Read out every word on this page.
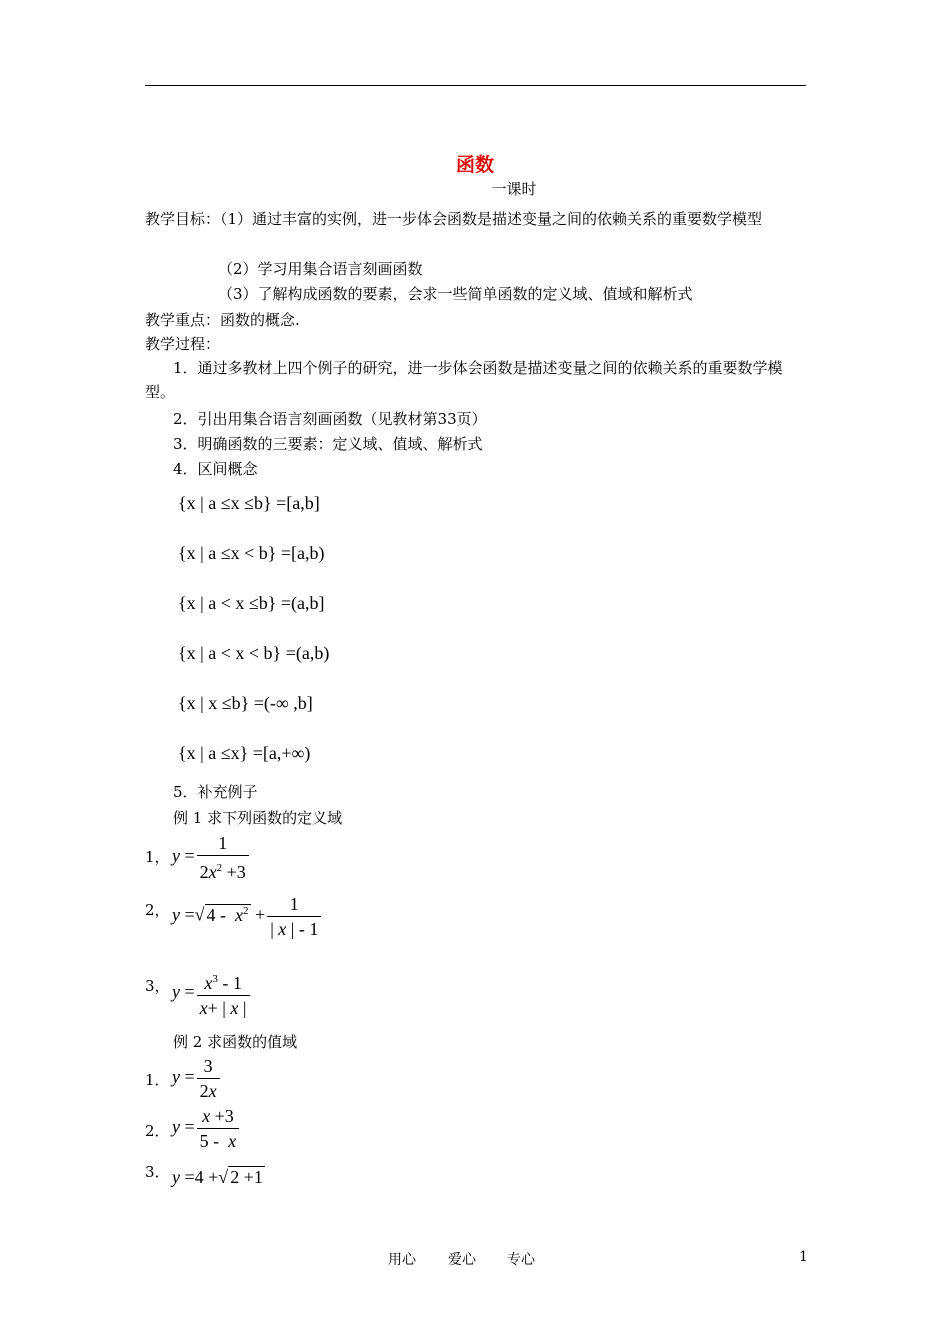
函数
一课时
教学目标：（1）通过丰富的实例，进一步体会函数是描述变量之间的依赖关系的重要数学模型
（2）学习用集合语言刻画函数
（3）了解构成函数的要素，会求一些简单函数的定义域、值域和解析式
教学重点：函数的概念.
教学过程：
1．通过多教材上四个例子的研究，进一步体会函数是描述变量之间的依赖关系的重要数学模型。
2．引出用集合语言刻画函数（见教材第33页）
3．明确函数的三要素：定义域、值域、解析式
4．区间概念
{x | a ≤x ≤b} =[a,b]
{x | a ≤x < b} =[a,b)
{x | a < x ≤b} =(a,b]
{x | a < x < b} =(a,b)
{x | x ≤b} =(-∞ ,b]
{x | a ≤x} =[a,+∞)
5．补充例子
例 1 求下列函数的定义域
1， $y = \frac{1}{2x^2 +3}$
2， y =√ $4 - x^2 + \frac{1}{| x | - 1}$
3， $y = \frac{x^3 - 1}{x+ | x |}$
例 2 求函数的值域
1． $y = \frac{3}{2x}$
2． $y = \frac{x +3}{5 - x}$
3． y =4 +√ 2 +1
用心 爱心 专心	1
